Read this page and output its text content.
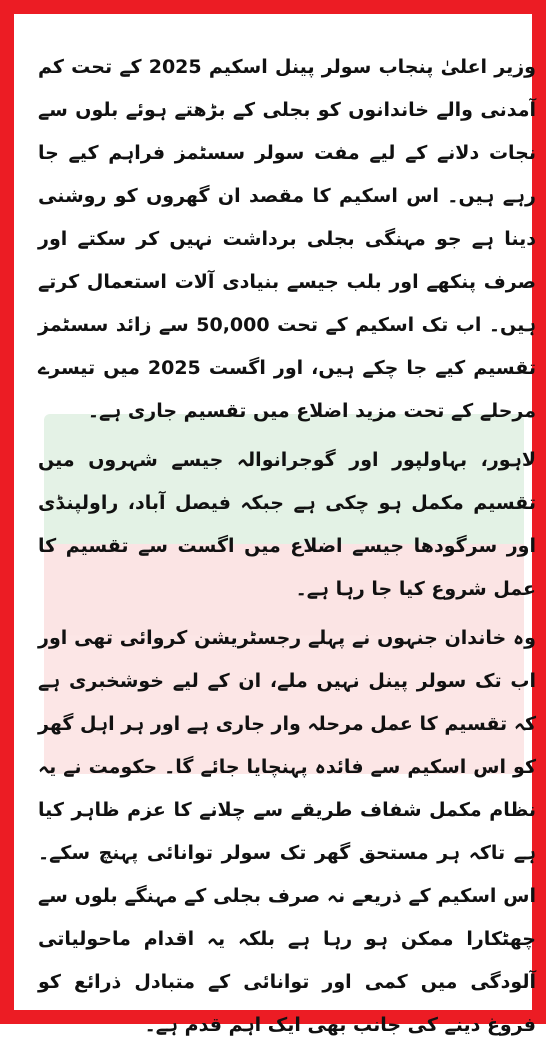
وزیر اعلیٰ پنجاب سولر پینل اسکیم 2025 کے تحت کم آمدنی والے خاندانوں کو بجلی کے بڑھتے ہوئے بلوں سے نجات دلانے کے لیے مفت سولر سسٹمز فراہم کیے جا رہے ہیں۔ اس اسکیم کا مقصد ان گھروں کو روشنی دینا ہے جو مہنگی بجلی برداشت نہیں کر سکتے اور صرف پنکھے اور بلب جیسے بنیادی آلات استعمال کرتے ہیں۔ اب تک اسکیم کے تحت 50,000 سے زائد سسٹمز تقسیم کیے جا چکے ہیں، اور اگست 2025 میں تیسرے مرحلے کے تحت مزید اضلاع میں تقسیم جاری ہے۔

لاہور، بہاولپور اور گوجرانوالہ جیسے شہروں میں تقسیم مکمل ہو چکی ہے جبکہ فیصل آباد، راولپنڈی اور سرگودھا جیسے اضلاع میں اگست سے تقسیم کا عمل شروع کیا جا رہا ہے۔

وہ خاندان جنہوں نے پہلے رجسٹریشن کروائی تھی اور اب تک سولر پینل نہیں ملے، ان کے لیے خوشخبری ہے کہ تقسیم کا عمل مرحلہ وار جاری ہے اور ہر اہل گھر کو اس اسکیم سے فائدہ پہنچایا جائے گا۔ حکومت نے یہ نظام مکمل شفاف طریقے سے چلانے کا عزم ظاہر کیا ہے تاکہ ہر مستحق گھر تک سولر توانائی پہنچ سکے۔ اس اسکیم کے ذریعے نہ صرف بجلی کے مہنگے بلوں سے چھٹکارا ممکن ہو رہا ہے بلکہ یہ اقدام ماحولیاتی آلودگی میں کمی اور توانائی کے متبادل ذرائع کو فروغ دینے کی جانب بھی ایک اہم قدم ہے۔
